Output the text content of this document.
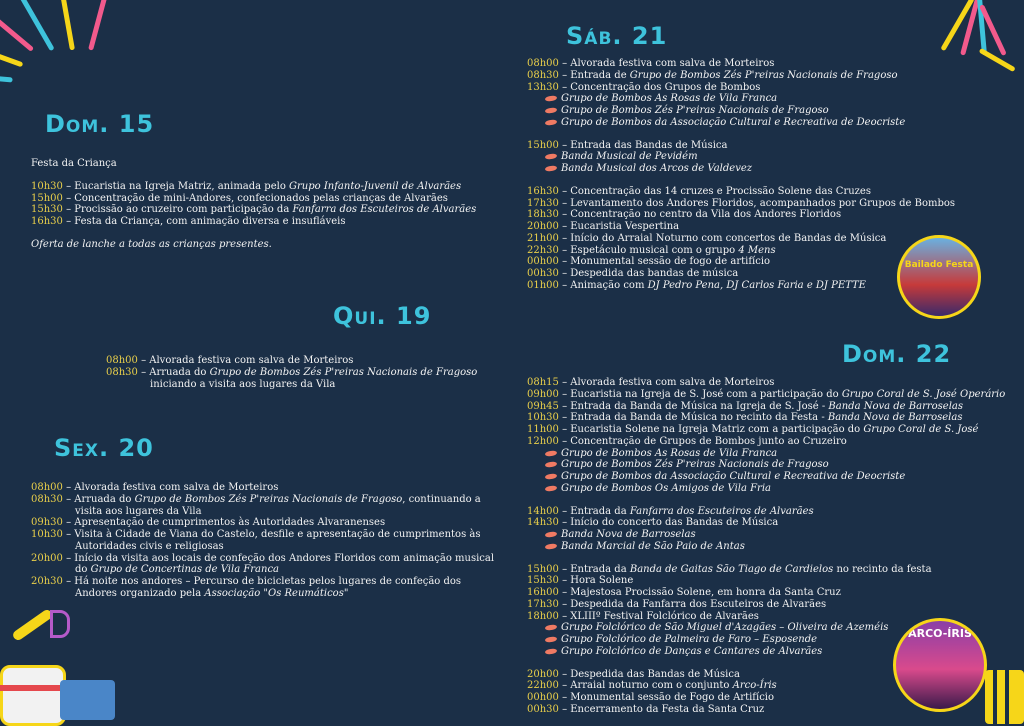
Dom. 15
Festa da Criança
10h30 – Eucaristia na Igreja Matriz, animada pelo Grupo Infanto-Juvenil de Alvarães
15h00 – Concentração de mini-Andores, confecionados pelas crianças de Alvarães
15h30 – Procissão ao cruzeiro com participação da Fanfarra dos Escuteiros de Alvarães
16h30 – Festa da Criança, com animação diversa e insufláveis
Oferta de lanche a todas as crianças presentes.
Qui. 19
08h00 – Alvorada festiva com salva de Morteiros
08h30 – Arruada do Grupo de Bombos Zés P'reiras Nacionais de Fragoso
iniciando a visita aos lugares da Vila
Sex. 20
08h00 – Alvorada festiva com salva de Morteiros
08h30 – Arruada do Grupo de Bombos Zés P'reiras Nacionais de Fragoso, continuando a
visita aos lugares da Vila
09h30 – Apresentação de cumprimentos às Autoridades Alvaranenses
10h30 – Visita à Cidade de Viana do Castelo, desfile e apresentação de cumprimentos às
Autoridades civis e religiosas
20h00 – Início da visita aos locais de confeção dos Andores Floridos com animação musical
do Grupo de Concertinas de Vila Franca
20h30 – Há noite nos andores – Percurso de bicicletas pelos lugares de confeção dos
Andores organizado pela Associação "Os Reumáticos"
Sáb. 21
08h00 – Alvorada festiva com salva de Morteiros
08h30 – Entrada de Grupo de Bombos Zés P'reiras Nacionais de Fragoso
13h30 – Concentração dos Grupos de Bombos
Grupo de Bombos As Rosas de Vila Franca
Grupo de Bombos Zés P'reiras Nacionais de Fragoso
Grupo de Bombos da Associação Cultural e Recreativa de Deocriste
15h00 – Entrada das Bandas de Música
Banda Musical de Pevidém
Banda Musical dos Arcos de Valdevez
16h30 – Concentração das 14 cruzes e Procissão Solene das Cruzes
17h30 – Levantamento dos Andores Floridos, acompanhados por Grupos de Bombos
18h30 – Concentração no centro da Vila dos Andores Floridos
20h00 – Eucaristia Vespertina
21h00 – Início do Arraial Noturno com concertos de Bandas de Música
22h30 – Espetáculo musical com o grupo 4 Mens
00h00 – Monumental sessão de fogo de artifício
00h30 – Despedida das bandas de música
01h00 – Animação com DJ Pedro Pena, DJ Carlos Faria e DJ PETTE
Bailado Festa
Dom. 22
08h15 – Alvorada festiva com salva de Morteiros
09h00 – Eucaristia na Igreja de S. José com a participação do Grupo Coral de S. José Operário
09h45 – Entrada da Banda de Música na Igreja de S. José - Banda Nova de Barroselas
10h30 – Entrada da Banda de Música no recinto da Festa - Banda Nova de Barroselas
11h00 – Eucaristia Solene na Igreja Matriz com a participação do Grupo Coral de S. José
12h00 – Concentração de Grupos de Bombos junto ao Cruzeiro
Grupo de Bombos As Rosas de Vila Franca
Grupo de Bombos Zés P'reiras Nacionais de Fragoso
Grupo de Bombos da Associação Cultural e Recreativa de Deocriste
Grupo de Bombos Os Amigos de Vila Fria
14h00 – Entrada da Fanfarra dos Escuteiros de Alvarães
14h30 – Início do concerto das Bandas de Música
Banda Nova de Barroselas
Banda Marcial de São Paio de Antas
15h00 – Entrada da Banda de Gaitas São Tiago de Cardielos no recinto da festa
15h30 – Hora Solene
16h00 – Majestosa Procissão Solene, em honra da Santa Cruz
17h30 – Despedida da Fanfarra dos Escuteiros de Alvarães
18h00 – XLIIIº Festival Folclórico de Alvarães
Grupo Folclórico de São Miguel d'Azagães – Oliveira de Azeméis
Grupo Folclórico de Palmeira de Faro – Esposende
Grupo Folclórico de Danças e Cantares de Alvarães
20h00 – Despedida das Bandas de Música
22h00 – Arraial noturno com o conjunto Arco-Íris
00h00 – Monumental sessão de Fogo de Artifício
00h30 – Encerramento da Festa da Santa Cruz
ARCO-ÍRIS
